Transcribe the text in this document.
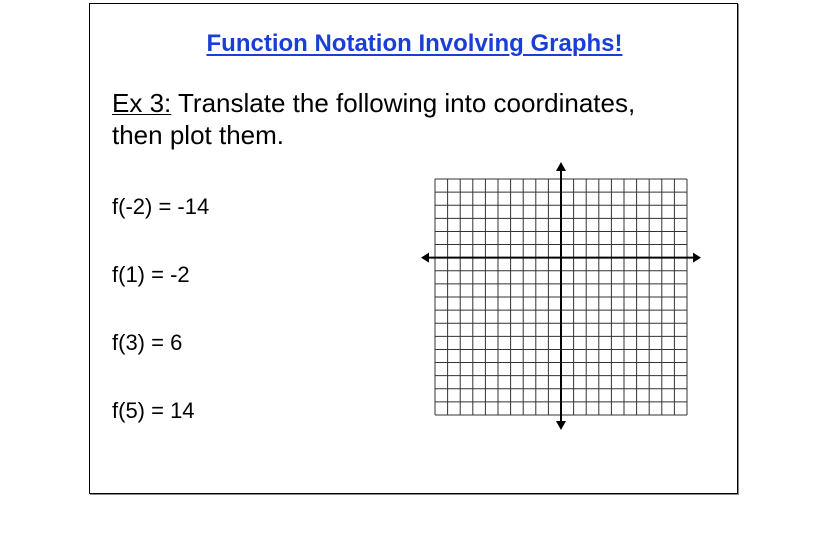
Function Notation Involving Graphs!
Ex 3: Translate the following into coordinates,
then plot them.
f(-2) = -14
f(1) = -2
f(3) = 6
f(5) = 14
